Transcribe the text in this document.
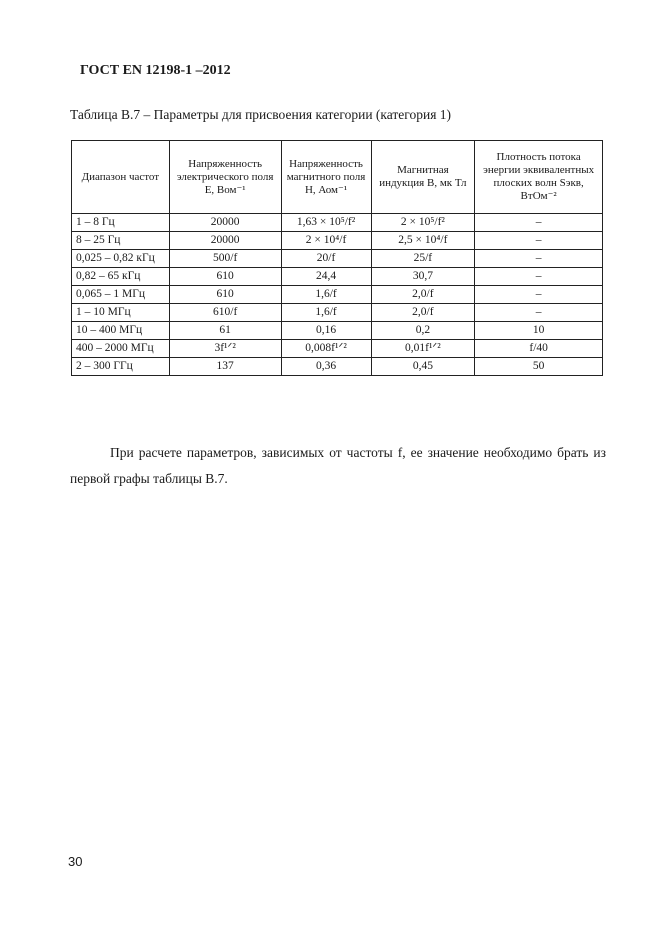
ГОСТ EN 12198-1 –2012
Таблица В.7 – Параметры для присвоения категории (категория 1)
Диапазон частот	Напряженность электрического поля E, Вом⁻¹	Напряженность магнитного поля H, Аом⁻¹	Магнитная индукция B, мк Тл	Плотность потока энергии эквивалентных плоских волн Sэкв, ВтОм⁻²
1 – 8 Гц	20000	1,63 × 10⁵/f²	2 × 10⁵/f²	–
8 – 25 Гц	20000	2 × 10⁴/f	2,5 × 10⁴/f	–
0,025 – 0,82 кГц	500/f	20/f	25/f	–
0,82 – 65 кГц	610	24,4	30,7	–
0,065 – 1 МГц	610	1,6/f	2,0/f	–
1 – 10 МГц	610/f	1,6/f	2,0/f	–
10 – 400 МГц	61	0,16	0,2	10
400 – 2000 МГц	3f¹ᐟ²	0,008f¹ᐟ²	0,01f¹ᐟ²	f/40
2 – 300 ГГц	137	0,36	0,45	50
При расчете параметров, зависимых от частоты f, ее значение необходимо брать из первой графы таблицы В.7.
30
